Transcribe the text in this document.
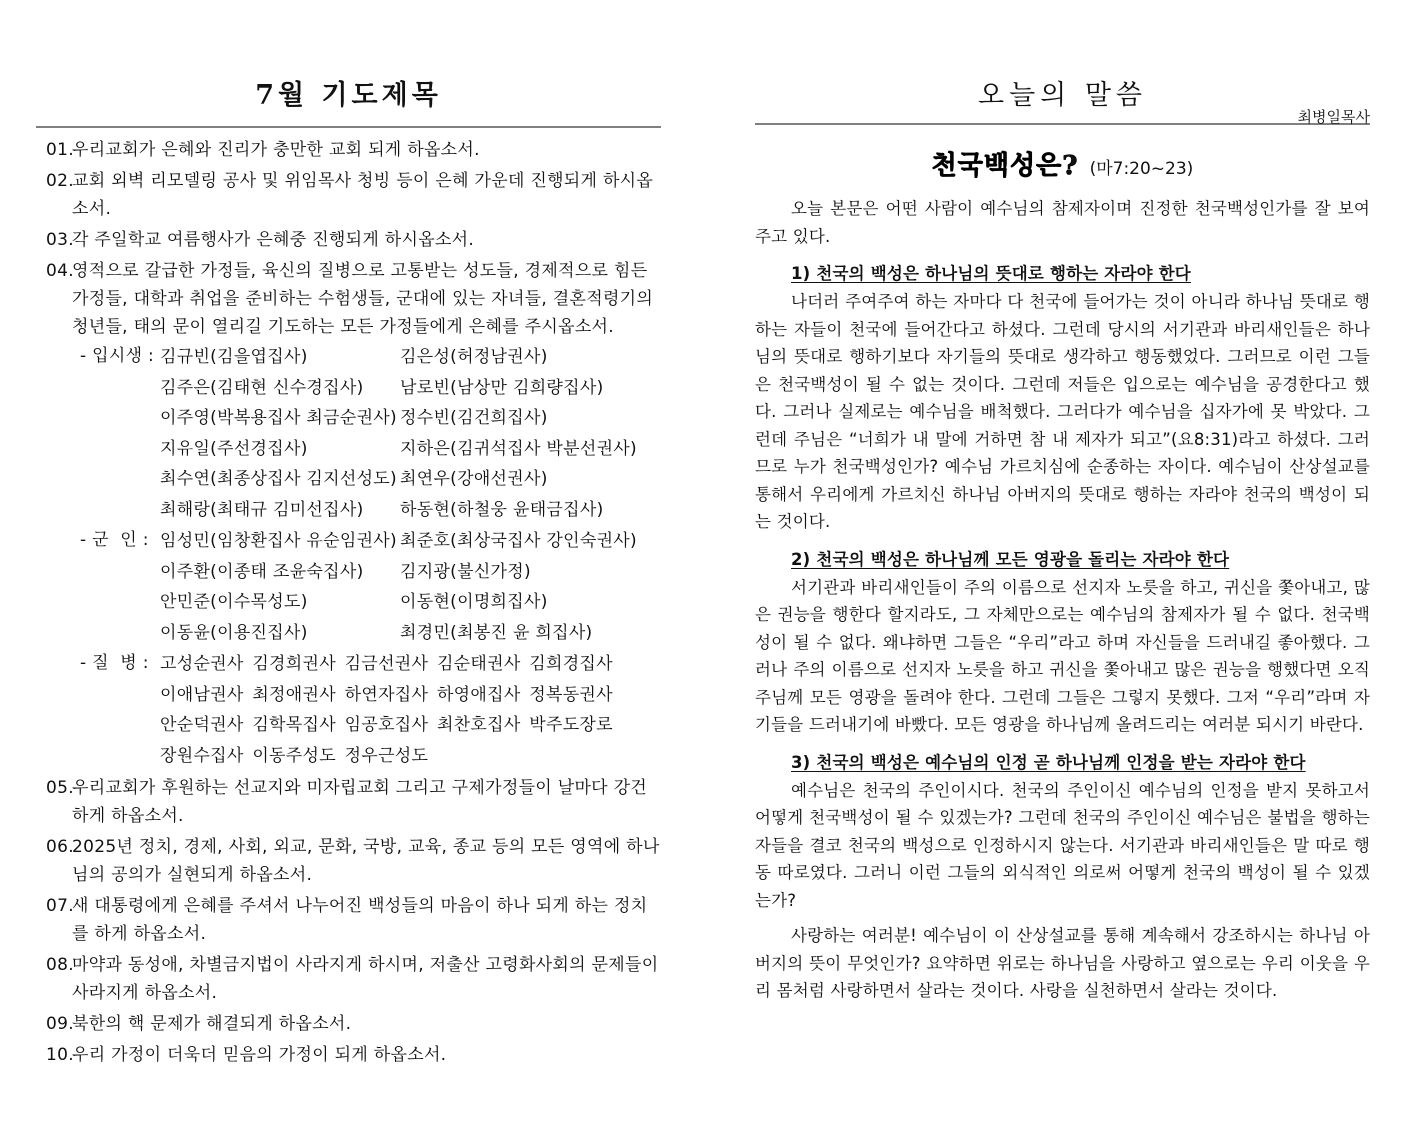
7월 기도제목
01.
우리교회가 은혜와 진리가 충만한 교회 되게 하옵소서.
02.
교회 외벽 리모델링 공사 및 위임목사 청빙 등이 은혜 가운데 진행되게 하시옵소서.
03.
각 주일학교 여름행사가 은혜중 진행되게 하시옵소서.
04.
영적으로 갈급한 가정들, 육신의 질병으로 고통받는 성도들, 경제적으로 힘든 가정들, 대학과 취업을 준비하는 수험생들, 군대에 있는 자녀들, 결혼적령기의 청년들, 태의 문이 열리길 기도하는 모든 가정들에게 은혜를 주시옵소서.
- 입시생 : 김규빈(김을엽집사)	김은성(허정남권사)
김주은(김태현 신수경집사)	남로빈(남상만 김희량집사)
이주영(박복용집사 최금순권사) 정수빈(김건희집사)
지유일(주선경집사)	지하은(김귀석집사 박분선권사)
최수연(최종상집사 김지선성도) 최연우(강애선권사)
최해랑(최태규 김미선집사)	하동현(하철웅 윤태금집사)
- 군  인 : 임성민(임창환집사 유순임권사) 최준호(최상국집사 강인숙권사)
이주환(이종태 조윤숙집사)	김지광(불신가정)
안민준(이수목성도)	이동현(이명희집사)
이동윤(이용진집사)	최경민(최봉진 윤 희집사)
- 질  병 : 고성순권사 김경희권사 김금선권사 김순태권사 김희경집사
이애남권사 최정애권사 하연자집사 하영애집사 정복동권사
안순덕권사 김학목집사 임공호집사 최찬호집사 박주도장로
장원수집사 이동주성도 정우근성도
05.
우리교회가 후원하는 선교지와 미자립교회 그리고 구제가정들이 날마다 강건하게 하옵소서.
06.
2025년 정치, 경제, 사회, 외교, 문화, 국방, 교육, 종교 등의 모든 영역에 하나님의 공의가 실현되게 하옵소서.
07.
새 대통령에게 은혜를 주셔서 나누어진 백성들의 마음이 하나 되게 하는 정치를 하게 하옵소서.
08.
마약과 동성애, 차별금지법이 사라지게 하시며, 저출산 고령화사회의 문제들이 사라지게 하옵소서.
09.
북한의 핵 문제가 해결되게 하옵소서.
10.
우리 가정이 더욱더 믿음의 가정이 되게 하옵소서.
오늘의 말씀
최병일목사
천국백성은? (마7:20~23)

오늘 본문은 어떤 사람이 예수님의 참제자이며 진정한 천국백성인가를 잘 보여주고 있다.

1) 천국의 백성은 하나님의 뜻대로 행하는 자라야 한다

나더러 주여주여 하는 자마다 다 천국에 들어가는 것이 아니라 하나님 뜻대로 행하는 자들이 천국에 들어간다고 하셨다. 그런데 당시의 서기관과 바리새인들은 하나님의 뜻대로 행하기보다 자기들의 뜻대로 생각하고 행동했었다. 그러므로 이런 그들은 천국백성이 될 수 없는 것이다. 그런데 저들은 입으로는 예수님을 공경한다고 했다. 그러나 실제로는 예수님을 배척했다. 그러다가 예수님을 십자가에 못 박았다. 그런데 주님은 “너희가 내 말에 거하면 참 내 제자가 되고”(요8:31)라고 하셨다. 그러므로 누가 천국백성인가? 예수님 가르치심에 순종하는 자이다. 예수님이 산상설교를 통해서 우리에게 가르치신 하나님 아버지의 뜻대로 행하는 자라야 천국의 백성이 되는 것이다.

2) 천국의 백성은 하나님께 모든 영광을 돌리는 자라야 한다

서기관과 바리새인들이 주의 이름으로 선지자 노릇을 하고, 귀신을 쫓아내고, 많은 권능을 행한다 할지라도, 그 자체만으로는 예수님의 참제자가 될 수 없다. 천국백성이 될 수 없다. 왜냐하면 그들은 “우리”라고 하며 자신들을 드러내길 좋아했다. 그러나 주의 이름으로 선지자 노릇을 하고 귀신을 쫓아내고 많은 권능을 행했다면 오직 주님께 모든 영광을 돌려야 한다. 그런데 그들은 그렇지 못했다. 그저 “우리”라며 자기들을 드러내기에 바빴다. 모든 영광을 하나님께 올려드리는 여러분 되시기 바란다.

3) 천국의 백성은 예수님의 인정 곧 하나님께 인정을 받는 자라야 한다

예수님은 천국의 주인이시다. 천국의 주인이신 예수님의 인정을 받지 못하고서 어떻게 천국백성이 될 수 있겠는가? 그런데 천국의 주인이신 예수님은 불법을 행하는 자들을 결코 천국의 백성으로 인정하시지 않는다. 서기관과 바리새인들은 말 따로 행동 따로였다. 그러니 이런 그들의 외식적인 의로써 어떻게 천국의 백성이 될 수 있겠는가?

사랑하는 여러분! 예수님이 이 산상설교를 통해 계속해서 강조하시는 하나님 아버지의 뜻이 무엇인가? 요약하면 위로는 하나님을 사랑하고 옆으로는 우리 이웃을 우리 몸처럼 사랑하면서 살라는 것이다. 사랑을 실천하면서 살라는 것이다.
